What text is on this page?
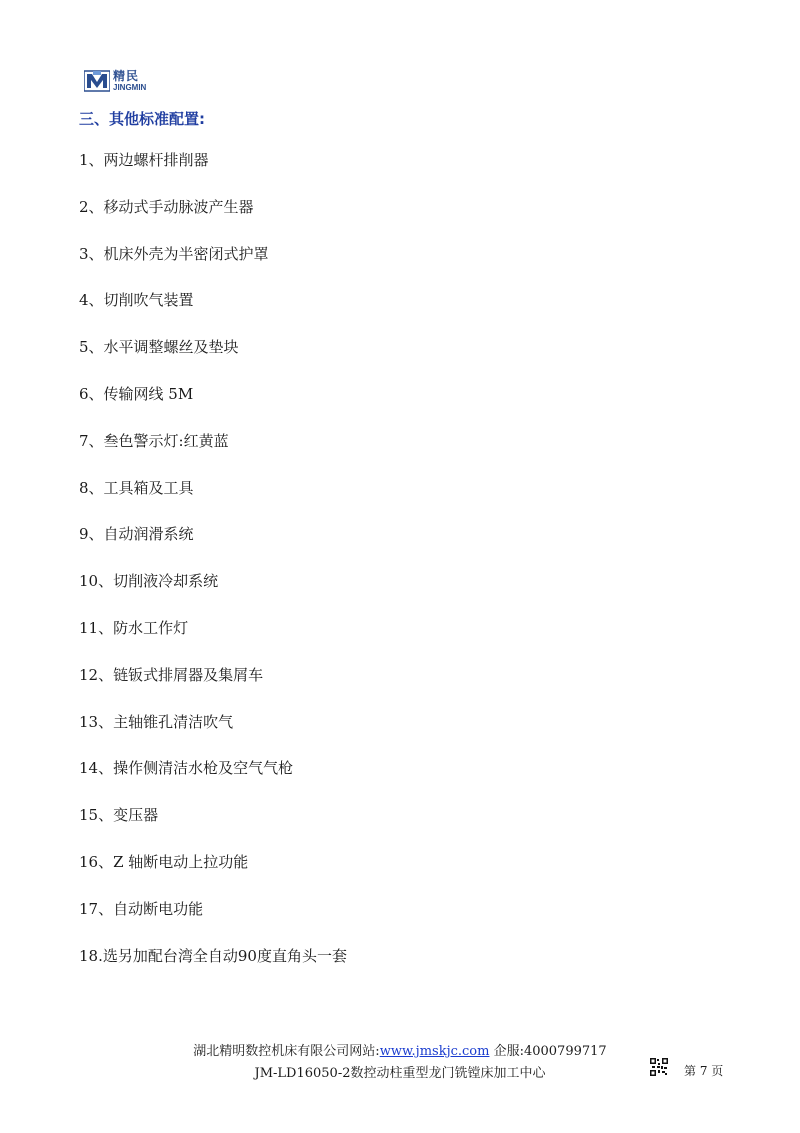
精民
JINGMIN
三、其他标准配置:
1、两边螺杆排削器
2、移动式手动脉波产生器
3、机床外壳为半密闭式护罩
4、切削吹气装置
5、水平调整螺丝及垫块
6、传输网线 5M
7、叁色警示灯:红黄蓝
8、工具箱及工具
9、自动润滑系统
10、切削液冷却系统
11、防水工作灯
12、链钣式排屑器及集屑车
13、主轴锥孔清洁吹气
14、操作侧清洁水枪及空气气枪
15、变压器
16、Z 轴断电动上拉功能
17、自动断电功能
18.选另加配台湾全自动90度直角头一套
湖北精明数控机床有限公司网站:www.jmskjc.com 企服:4000799717
JM-LD16050-2数控动柱重型龙门铣镗床加工中心	第 7 页
